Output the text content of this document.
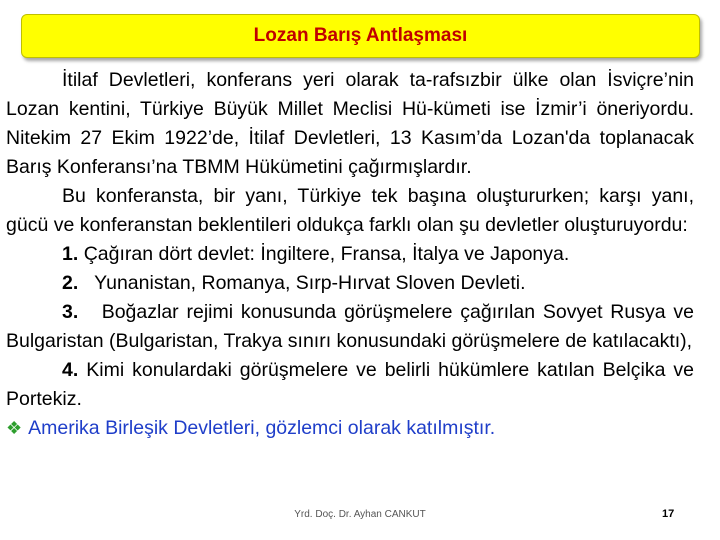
Lozan Barış Antlaşması

İtilaf Devletleri, konferans yeri olarak ta-rafsızbir ülke olan İsviçre’nin Lozan kentini, Türkiye Büyük Millet Meclisi Hü-kümeti ise İzmir’i öneriyordu. Nitekim 27 Ekim 1922’de, İtilaf Devletleri, 13 Kasım’da Lozan'da toplanacak Barış Konferansı’na TBMM Hükümetini çağırmışlardır.

Bu konferansta, bir yanı, Türkiye tek başına oluştururken; karşı yanı, gücü ve konferanstan beklentileri oldukça farklı olan şu devletler oluşturuyordu:

1. Çağıran dört devlet: İngiltere, Fransa, İtalya ve Japonya.

2. Yunanistan, Romanya, Sırp-Hırvat Sloven Devleti.

3. Boğazlar rejimi konusunda görüşmelere çağırılan Sovyet Rusya ve Bulgaristan (Bulgaristan, Trakya sınırı konusundaki görüşmelere de katılacaktı),

4. Kimi konulardaki görüşmelere ve belirli hükümlere katılan Belçika ve Portekiz.

❖ Amerika Birleşik Devletleri, gözlemci olarak katılmıştır.

Yrd. Doç. Dr. Ayhan CANKUT	17
